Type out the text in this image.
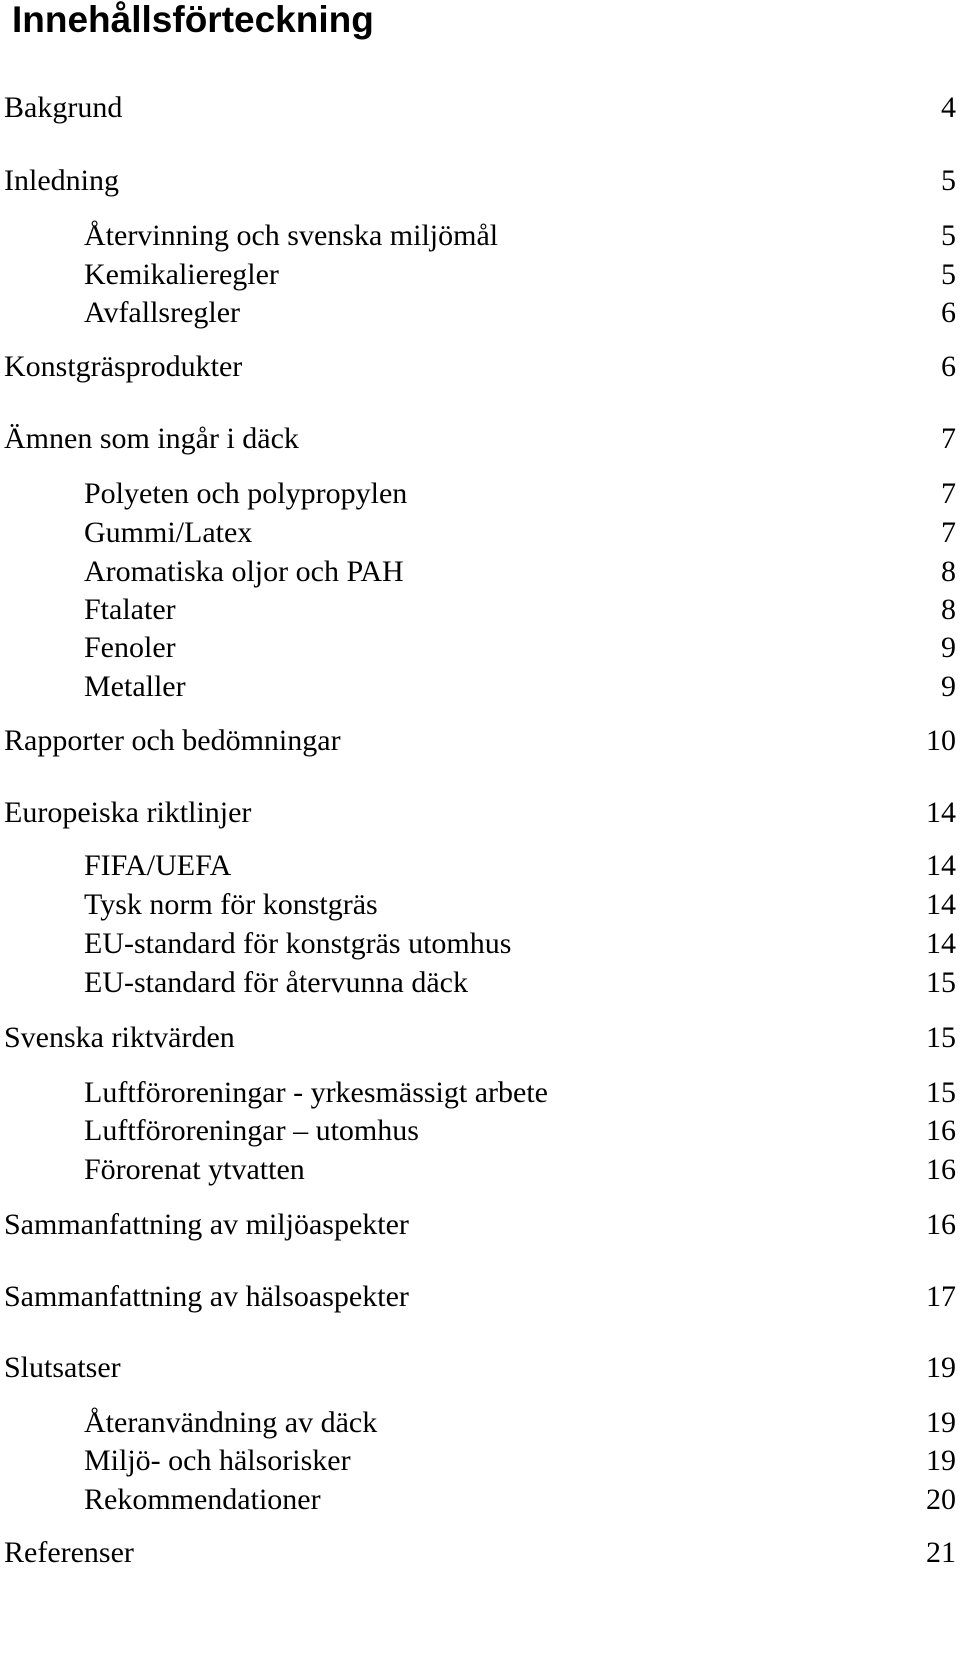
Innehållsförteckning
Bakgrund	4
Inledning	5
Återvinning och svenska miljömål	5
Kemikalieregler	5
Avfallsregler	6
Konstgräsprodukter	6
Ämnen som ingår i däck	7
Polyeten och polypropylen	7
Gummi/Latex	7
Aromatiska oljor och PAH	8
Ftalater	8
Fenoler	9
Metaller	9
Rapporter och bedömningar	10
Europeiska riktlinjer	14
FIFA/UEFA	14
Tysk norm för konstgräs	14
EU-standard för konstgräs utomhus	14
EU-standard för återvunna däck	15
Svenska riktvärden	15
Luftföroreningar - yrkesmässigt arbete	15
Luftföroreningar – utomhus	16
Förorenat ytvatten	16
Sammanfattning av miljöaspekter	16
Sammanfattning av hälsoaspekter	17
Slutsatser	19
Återanvändning av däck	19
Miljö- och hälsorisker	19
Rekommendationer	20
Referenser	21
